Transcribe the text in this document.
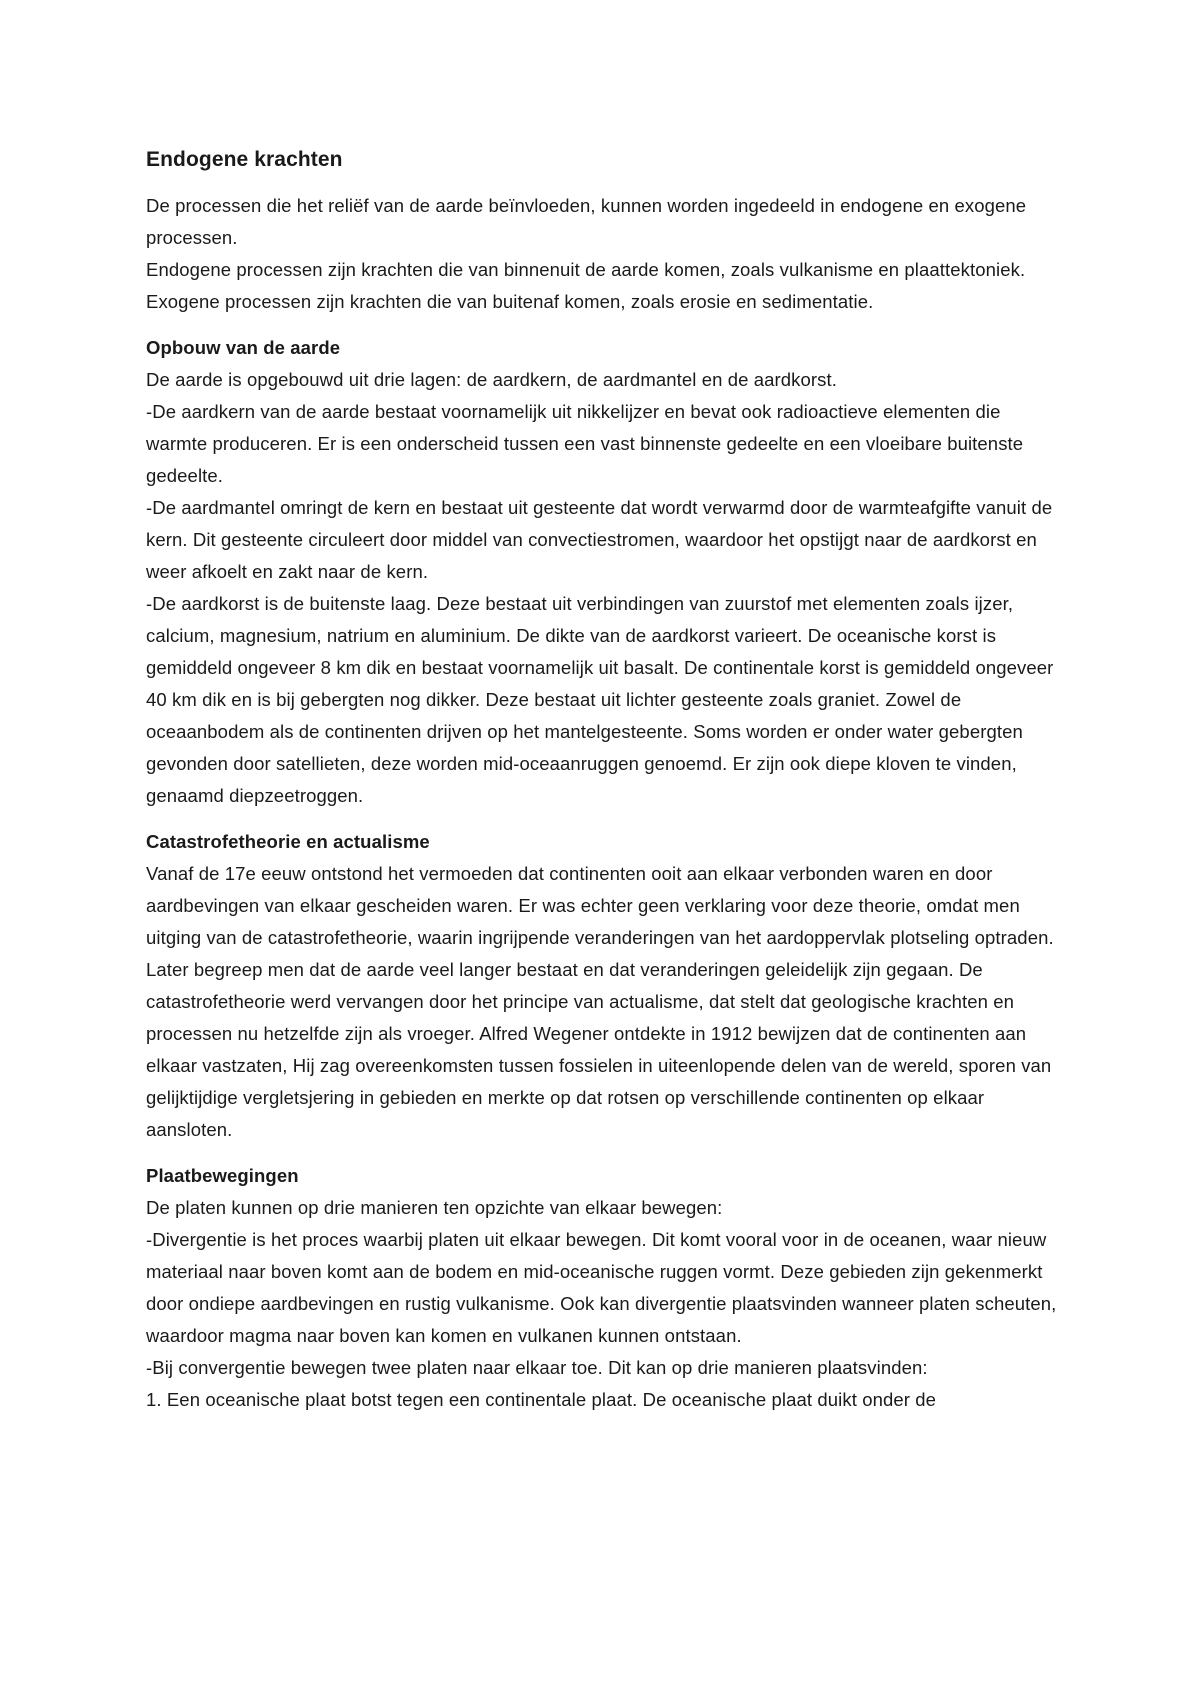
Endogene krachten

De processen die het reliëf van de aarde beïnvloeden, kunnen worden ingedeeld in endogene en exogene processen.

Endogene processen zijn krachten die van binnenuit de aarde komen, zoals vulkanisme en plaattektoniek.

Exogene processen zijn krachten die van buitenaf komen, zoals erosie en sedimentatie.

Opbouw van de aarde

De aarde is opgebouwd uit drie lagen: de aardkern, de aardmantel en de aardkorst.

-De aardkern van de aarde bestaat voornamelijk uit nikkelijzer en bevat ook radioactieve elementen die warmte produceren. Er is een onderscheid tussen een vast binnenste gedeelte en een vloeibare buitenste gedeelte.

-De aardmantel omringt de kern en bestaat uit gesteente dat wordt verwarmd door de warmteafgifte vanuit de kern. Dit gesteente circuleert door middel van convectiestromen, waardoor het opstijgt naar de aardkorst en weer afkoelt en zakt naar de kern.

-De aardkorst is de buitenste laag. Deze bestaat uit verbindingen van zuurstof met elementen zoals ijzer, calcium, magnesium, natrium en aluminium. De dikte van de aardkorst varieert. De oceanische korst is gemiddeld ongeveer 8 km dik en bestaat voornamelijk uit basalt. De continentale korst is gemiddeld ongeveer 40 km dik en is bij gebergten nog dikker. Deze bestaat uit lichter gesteente zoals graniet. Zowel de oceaanbodem als de continenten drijven op het mantelgesteente. Soms worden er onder water gebergten gevonden door satellieten, deze worden mid-oceaanruggen genoemd. Er zijn ook diepe kloven te vinden, genaamd diepzeetroggen.

Catastrofetheorie en actualisme

Vanaf de 17e eeuw ontstond het vermoeden dat continenten ooit aan elkaar verbonden waren en door aardbevingen van elkaar gescheiden waren. Er was echter geen verklaring voor deze theorie, omdat men uitging van de catastrofetheorie, waarin ingrijpende veranderingen van het aardoppervlak plotseling optraden. Later begreep men dat de aarde veel langer bestaat en dat veranderingen geleidelijk zijn gegaan. De catastrofetheorie werd vervangen door het principe van actualisme, dat stelt dat geologische krachten en processen nu hetzelfde zijn als vroeger. Alfred Wegener ontdekte in 1912 bewijzen dat de continenten aan elkaar vastzaten, Hij zag overeenkomsten tussen fossielen in uiteenlopende delen van de wereld, sporen van gelijktijdige vergletsjering in gebieden en merkte op dat rotsen op verschillende continenten op elkaar aansloten.

Plaatbewegingen

De platen kunnen op drie manieren ten opzichte van elkaar bewegen:

-Divergentie is het proces waarbij platen uit elkaar bewegen. Dit komt vooral voor in de oceanen, waar nieuw materiaal naar boven komt aan de bodem en mid-oceanische ruggen vormt. Deze gebieden zijn gekenmerkt door ondiepe aardbevingen en rustig vulkanisme. Ook kan divergentie plaatsvinden wanneer platen scheuten, waardoor magma naar boven kan komen en vulkanen kunnen ontstaan.

-Bij convergentie bewegen twee platen naar elkaar toe. Dit kan op drie manieren plaatsvinden:

1. Een oceanische plaat botst tegen een continentale plaat. De oceanische plaat duikt onder de
